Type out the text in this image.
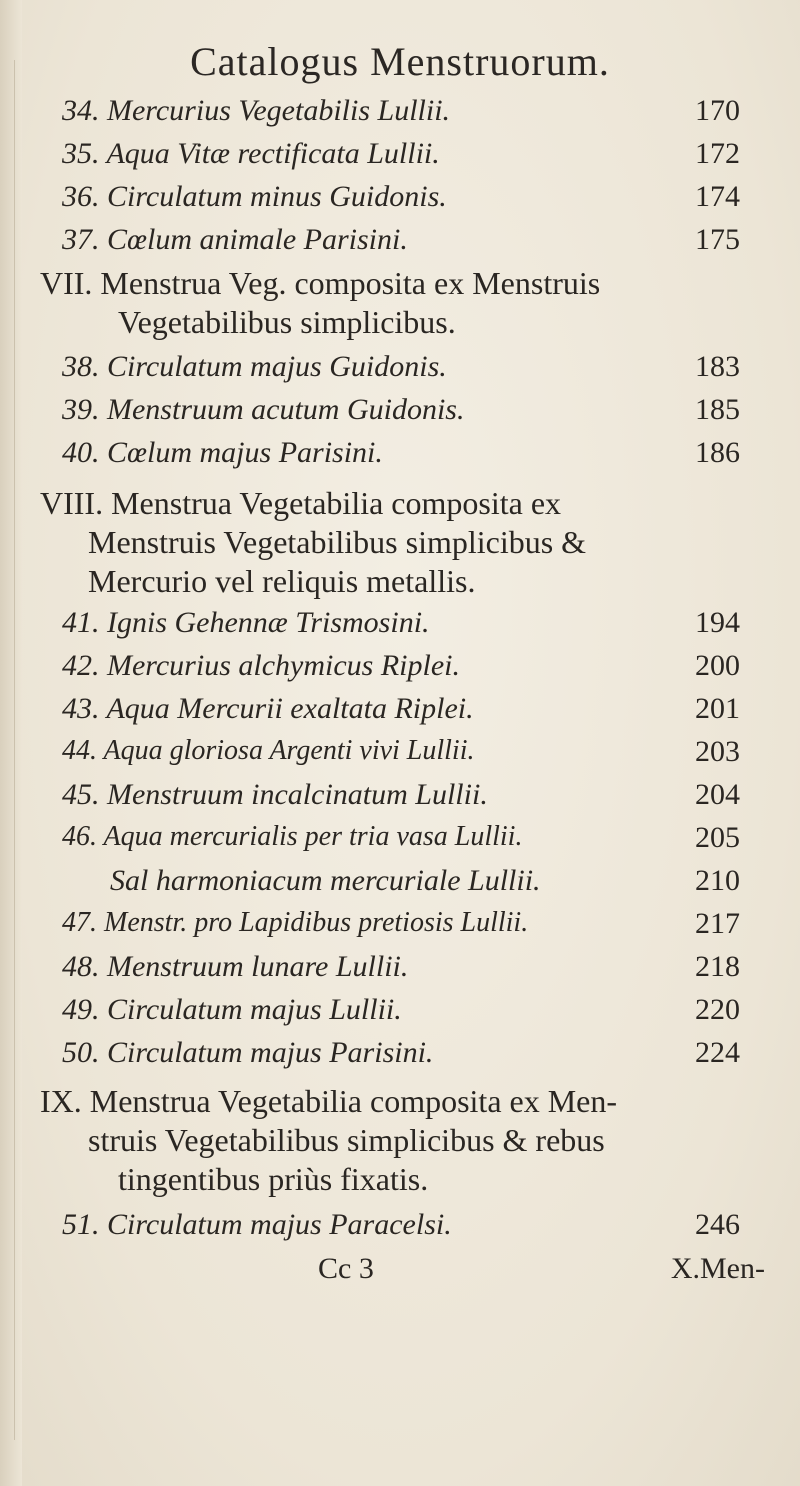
Catalogus Menstruorum.
34. Mercurius Vegetabilis Lullii.	170
35. Aqua Vitæ rectificata Lullii.	172
36. Circulatum minus Guidonis.	174
37. Cœlum animale Parisini.	175
VII. Menstrua Veg. composita ex Menstruis
Vegetabilibus simplicibus.
38. Circulatum majus Guidonis.	183
39. Menstruum acutum Guidonis.	185
40. Cœlum majus Parisini.	186
VIII. Menstrua Vegetabilia composita ex
Menstruis Vegetabilibus simplicibus &
Mercurio vel reliquis metallis.
41. Ignis Gehennæ Trismosini.	194
42. Mercurius alchymicus Riplei.	200
43. Aqua Mercurii exaltata Riplei.	201
44. Aqua gloriosa Argenti vivi Lullii.	203
45. Menstruum incalcinatum Lullii.	204
46. Aqua mercurialis per tria vasa Lullii.	205
Sal harmoniacum mercuriale Lullii.	210
47. Menstr. pro Lapidibus pretiosis Lullii.	217
48. Menstruum lunare Lullii.	218
49. Circulatum majus Lullii.	220
50. Circulatum majus Parisini.	224
IX. Menstrua Vegetabilia composita ex Men-
struis Vegetabilibus simplicibus & rebus
tingentibus priùs fixatis.
51. Circulatum majus Paracelsi.	246
Cc 3	X.Men-
